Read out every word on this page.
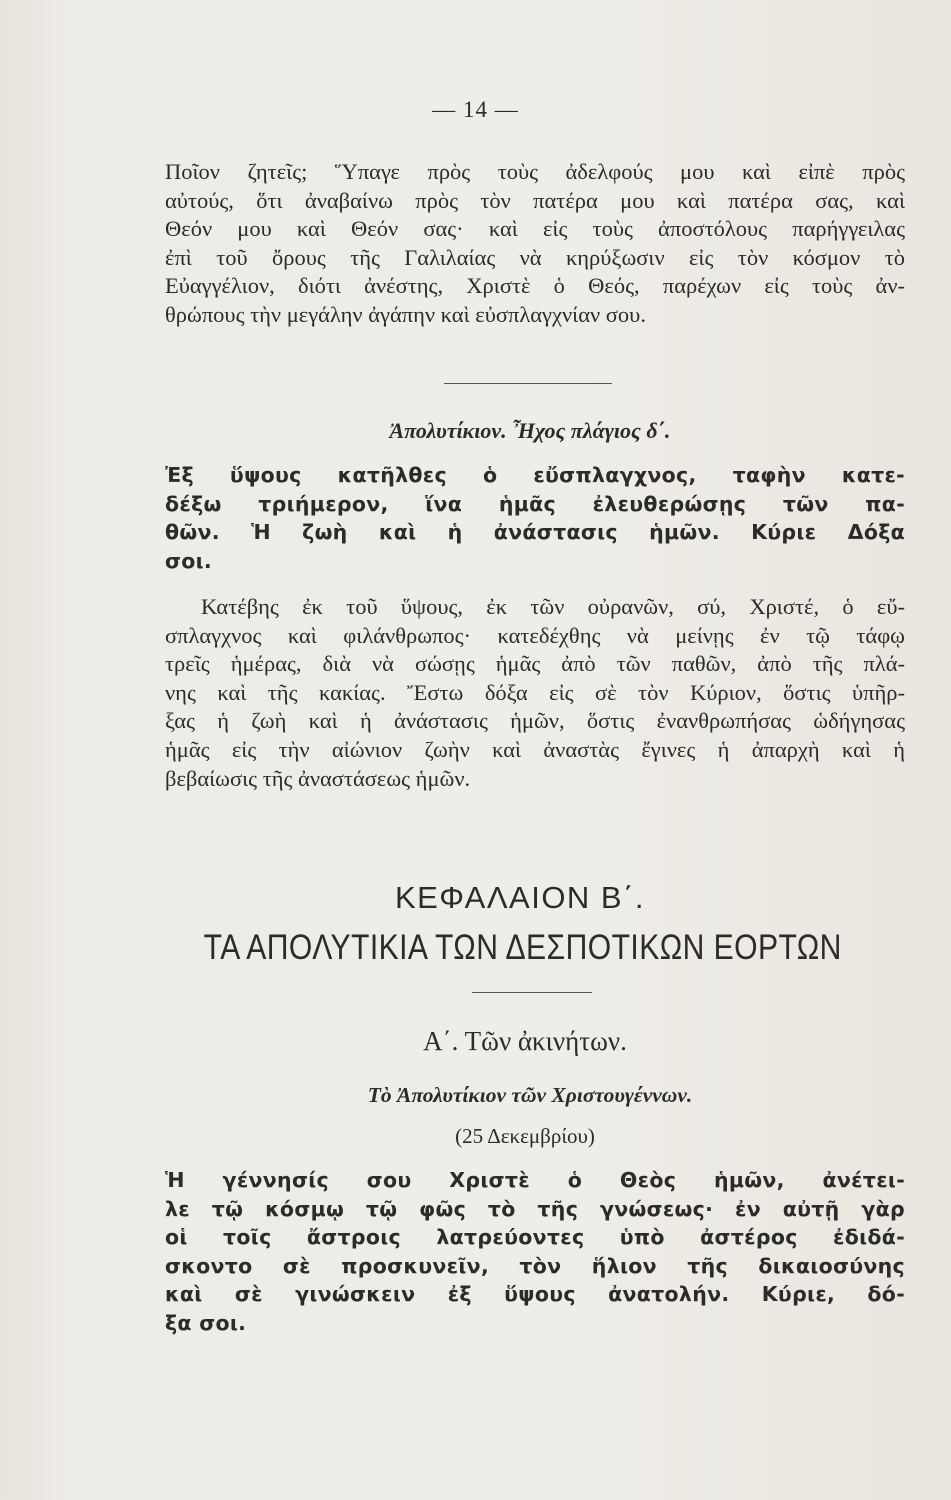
— 14 —
Ποῖον ζητεῖς; Ὕπαγε πρὸς τοὺς ἀδελφούς μου καὶ εἰπὲ πρὸς
αὐτούς, ὅτι ἀναβαίνω πρὸς τὸν πατέρα μου καὶ πατέρα σας, καὶ
Θεόν μου καὶ Θεόν σας· καὶ εἰς τοὺς ἀποστόλους παρήγγειλας
ἐπὶ τοῦ ὄρους τῆς Γαλιλαίας νὰ κηρύξωσιν εἰς τὸν κόσμον τὸ
Εὐαγγέλιον, διότι ἀνέστης, Χριστὲ ὁ Θεός, παρέχων εἰς τοὺς ἀν-
θρώπους τὴν μεγάλην ἀγάπην καὶ εὐσπλαγχνίαν σου.
Ἀπολυτίκιον. Ἦχος πλάγιος δ΄.
Ἐξ ὕψους κατῆλθες ὁ εὔσπλαγχνος, ταφὴν κατε-
δέξω τριήμερον, ἵνα ἡμᾶς ἐλευθερώσῃς τῶν πα-
θῶν. Ἡ ζωὴ καὶ ἡ ἀνάστασις ἡμῶν. Κύριε Δόξα
σοι.
Κατέβης ἐκ τοῦ ὕψους, ἐκ τῶν οὐρανῶν, σύ, Χριστέ, ὁ εὔ-
σπλαγχνος καὶ φιλάνθρωπος· κατεδέχθης νὰ μείνῃς ἐν τῷ τάφῳ
τρεῖς ἡμέρας, διὰ νὰ σώσῃς ἡμᾶς ἀπὸ τῶν παθῶν, ἀπὸ τῆς πλά-
νης καὶ τῆς κακίας. Ἔστω δόξα εἰς σὲ τὸν Κύριον, ὅστις ὑπῆρ-
ξας ἡ ζωὴ καὶ ἡ ἀνάστασις ἡμῶν, ὅστις ἐνανθρωπήσας ὡδήγησας
ἡμᾶς εἰς τὴν αἰώνιον ζωὴν καὶ ἀναστὰς ἔγινες ἡ ἀπαρχὴ καὶ ἡ
βεβαίωσις τῆς ἀναστάσεως ἡμῶν.
ΚΕΦΑΛΑΙΟΝ Β΄.
ΤΑ ΑΠΟΛΥΤΙΚΙΑ ΤΩΝ ΔΕΣΠΟΤΙΚΩΝ ΕΟΡΤΩΝ
Α΄. Τῶν ἀκινήτων.
Τὸ Ἀπολυτίκιον τῶν Χριστουγέννων.
(25 Δεκεμβρίου)
Ἡ γέννησίς σου Χριστὲ ὁ Θεὸς ἡμῶν, ἀνέτει-
λε τῷ κόσμῳ τῷ φῶς τὸ τῆς γνώσεως· ἐν αὐτῇ γὰρ
οἱ τοῖς ἄστροις λατρεύοντες ὑπὸ ἀστέρος ἐδιδά-
σκοντο σὲ προσκυνεῖν, τὸν ἥλιον τῆς δικαιοσύνης
καὶ σὲ γινώσκειν ἐξ ὕψους ἀνατολήν. Κύριε, δό-
ξα σοι.
